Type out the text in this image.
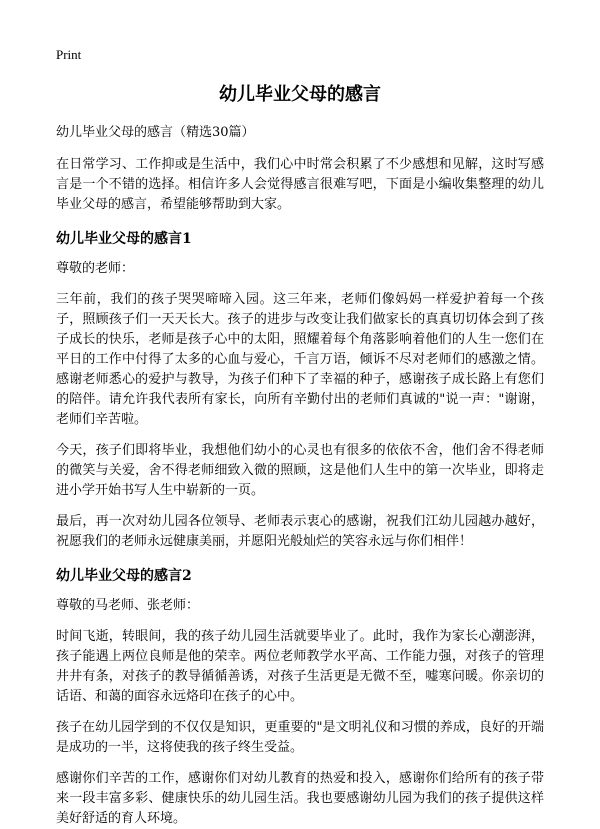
Print
幼儿毕业父母的感言
幼儿毕业父母的感言（精选30篇）

在日常学习、工作抑或是生活中，我们心中时常会积累了不少感想和见解，这时写感言是一个不错的选择。相信许多人会觉得感言很难写吧，下面是小编收集整理的幼儿毕业父母的感言，希望能够帮助到大家。

幼儿毕业父母的感言1

尊敬的老师：

三年前，我们的孩子哭哭啼啼入园。这三年来，老师们像妈妈一样爱护着每一个孩子，照顾孩子们一天天长大。孩子的进步与改变让我们做家长的真真切切体会到了孩子成长的快乐，老师是孩子心中的太阳，照耀着每个角落影响着他们的人生一您们在平日的工作中付得了太多的心血与爱心，千言万语，倾诉不尽对老师们的感激之情。感谢老师悉心的爱护与教导，为孩子们种下了幸福的种子，感谢孩子成长路上有您们的陪伴。请允许我代表所有家长，向所有辛勤付出的老师们真诚的"说一声："谢谢，老师们辛苦啦。

今天，孩子们即将毕业，我想他们幼小的心灵也有很多的依依不舍，他们舍不得老师的微笑与关爱，舍不得老师细致入微的照顾，这是他们人生中的第一次毕业，即将走进小学开始书写人生中崭新的一页。

最后，再一次对幼儿园各位领导、老师表示衷心的感谢，祝我们江幼儿园越办越好，祝愿我们的老师永远健康美丽，并愿阳光般灿烂的笑容永远与你们相伴！

幼儿毕业父母的感言2

尊敬的马老师、张老师：

时间飞逝，转眼间，我的孩子幼儿园生活就要毕业了。此时，我作为家长心潮澎湃，孩子能遇上两位良师是他的荣幸。两位老师教学水平高、工作能力强，对孩子的管理井井有条，对孩子的教导循循善诱，对孩子生活更是无微不至，嘘寒问暖。你亲切的话语、和蔼的面容永远烙印在孩子的心中。

孩子在幼儿园学到的不仅仅是知识，更重要的"是文明礼仪和习惯的养成，良好的开端是成功的一半，这将使我的孩子终生受益。

感谢你们辛苦的工作，感谢你们对幼儿教育的热爱和投入，感谢你们给所有的孩子带来一段丰富多彩、健康快乐的幼儿园生活。我也要感谢幼儿园为我们的孩子提供这样美好舒适的育人环境。
